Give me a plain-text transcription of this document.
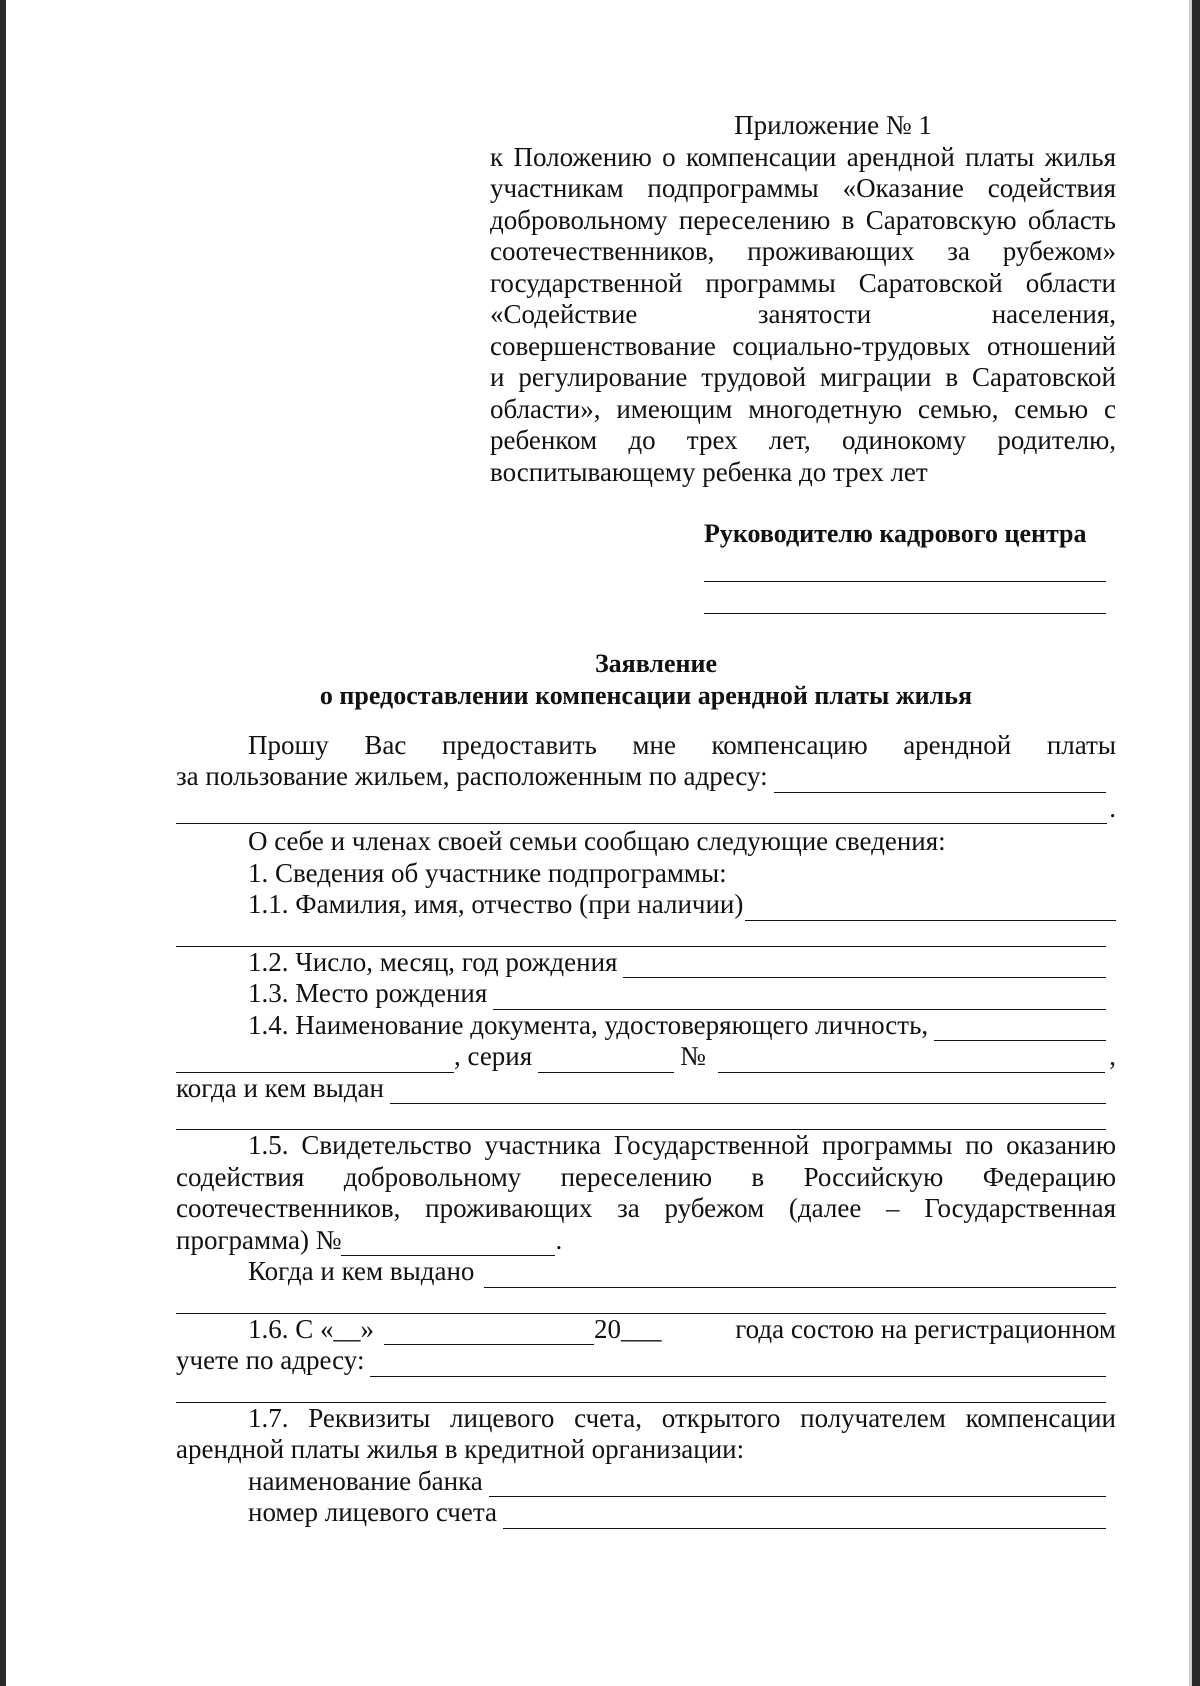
Приложение № 1
к Положению о компенсации арендной платы жилья участникам подпрограммы «Оказание содействия добровольному переселению в Саратовскую область соотечественников, проживающих за рубежом» государственной программы Саратовской области «Содействие занятости населения, совершенствование социально-трудовых отношений и регулирование трудовой миграции в Саратовской области», имеющим многодетную семью, семью с ребенком до трех лет, одинокому родителю, воспитывающему ребенка до трех лет
Руководителю кадрового центра
Заявление
о предоставлении компенсации арендной платы жилья
Прошу Вас предоставить мне компенсацию арендной платы
за пользование жильем, расположенным по адресу:
.
О себе и членах своей семьи сообщаю следующие сведения:
1. Сведения об участнике подпрограммы:
1.1. Фамилия, имя, отчество (при наличии)
1.2. Число, месяц, год рождения
1.3. Место рождения
1.4. Наименование документа, удостоверяющего личность,
, серия	№	,
когда и кем выдан
1.5. Свидетельство участника Государственной программы по оказанию
содействия добровольному переселению в Российскую Федерацию
соотечественников, проживающих за рубежом (далее – Государственная
программа) №	.
Когда и кем выдано
1.6. С «__»	20___	года состою на регистрационном
учете по адресу:
1.7. Реквизиты лицевого счета, открытого получателем компенсации
арендной платы жилья в кредитной организации:
наименование банка
номер лицевого счета
